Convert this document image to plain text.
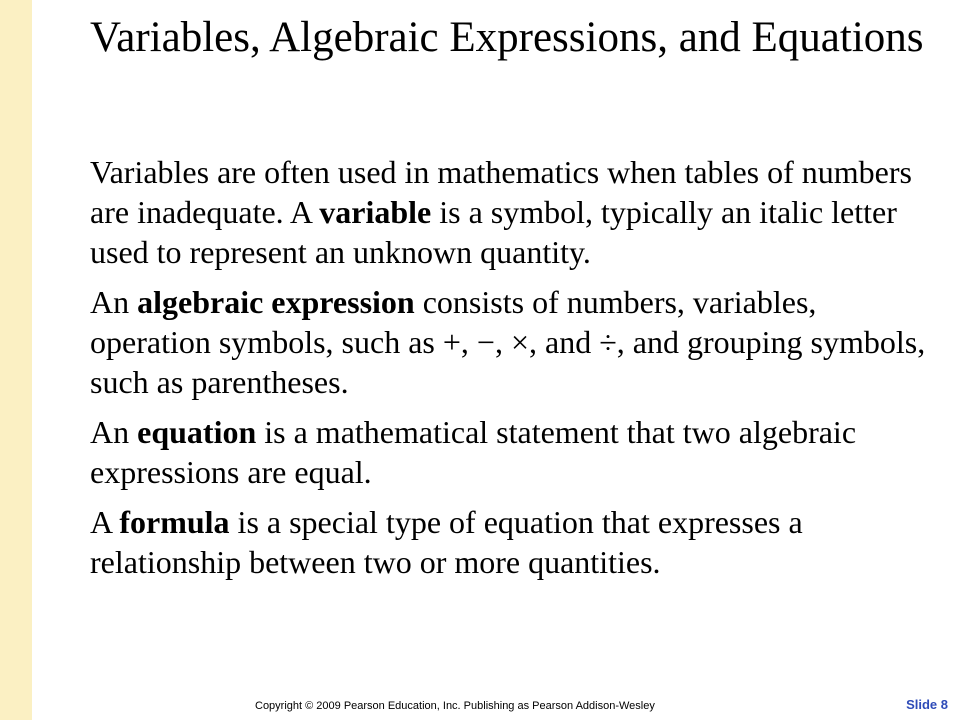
Variables, Algebraic Expressions, and Equations

Variables are often used in mathematics when tables of numbers are inadequate. A variable is a symbol, typically an italic letter used to represent an unknown quantity.

An algebraic expression consists of numbers, variables, operation symbols, such as +, −, ×, and ÷, and grouping symbols, such as parentheses.

An equation is a mathematical statement that two algebraic expressions are equal.

A formula is a special type of equation that expresses a relationship between two or more quantities.

Copyright © 2009 Pearson Education, Inc. Publishing as Pearson Addison-Wesley	Slide 8
